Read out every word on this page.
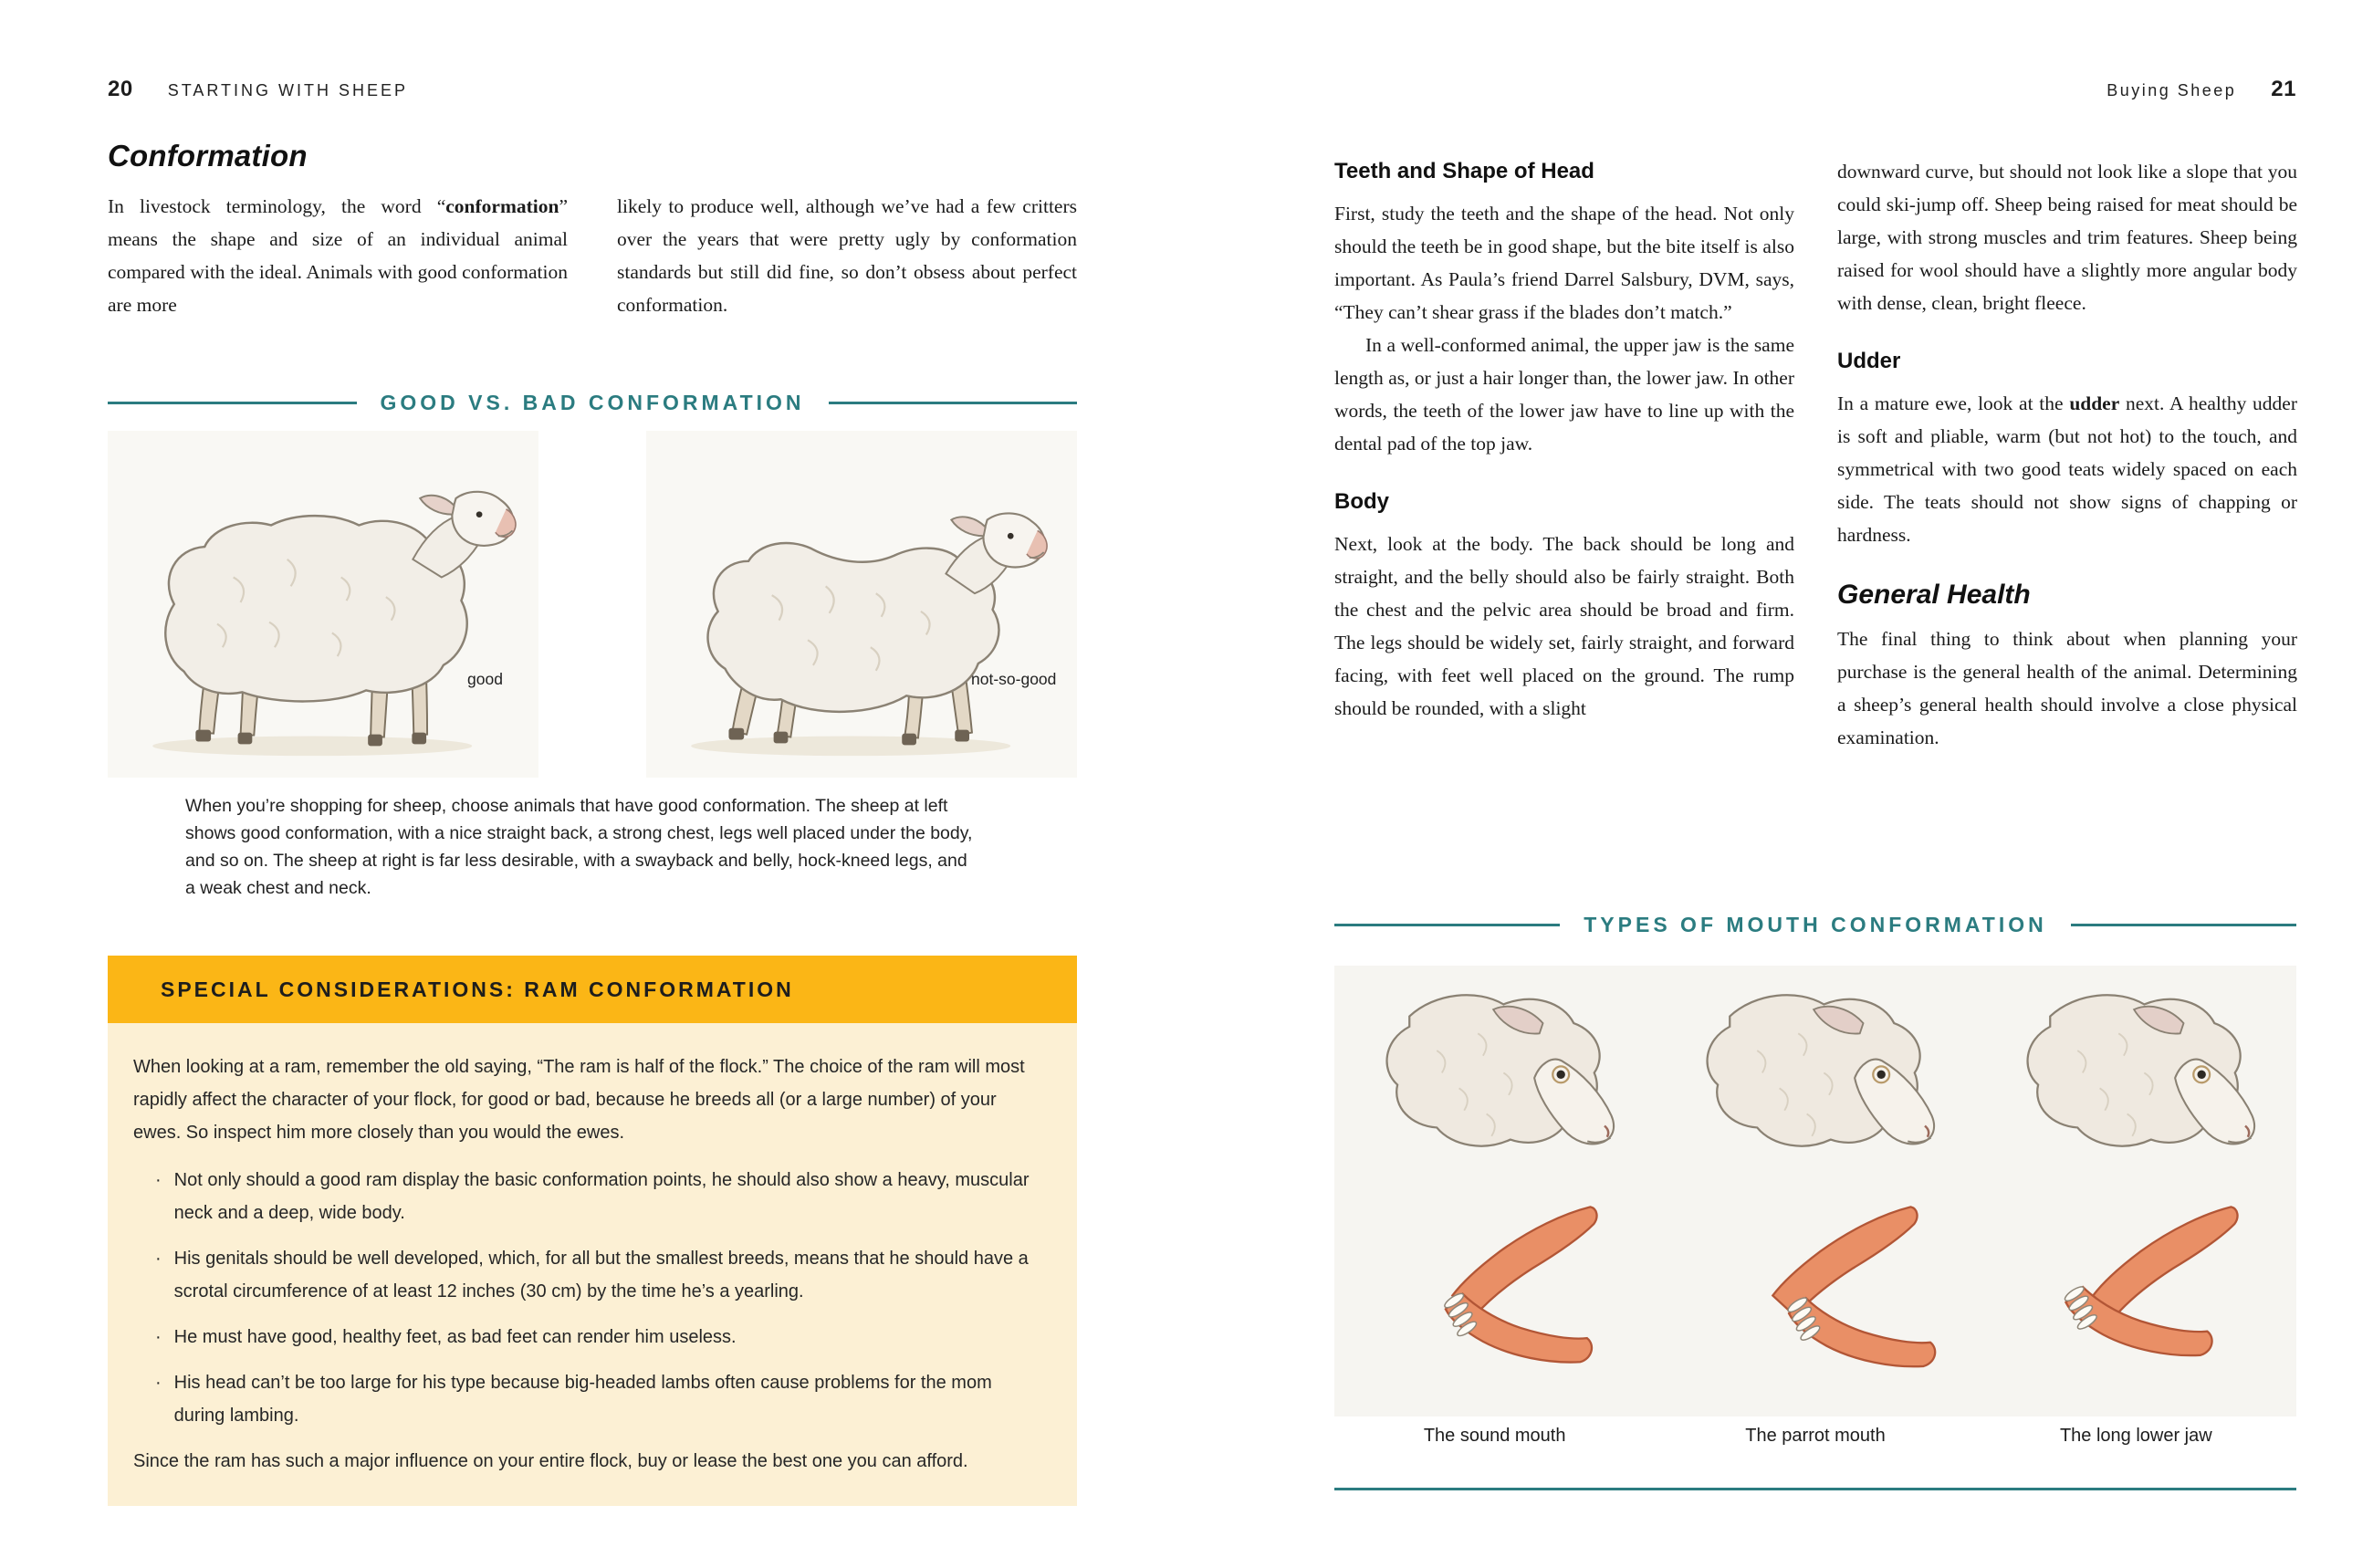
20 STARTING WITH SHEEP
Conformation

In livestock terminology, the word “conformation” means the shape and size of an individual animal compared with the ideal. Animals with good conformation are more

likely to produce well, although we’ve had a few critters over the years that were pretty ugly by conformation standards but still did fine, so don’t obsess about perfect conformation.

GOOD VS. BAD CONFORMATION
good	not-so-good
When you’re shopping for sheep, choose animals that have good conformation. The sheep at left shows good conformation, with a nice straight back, a strong chest, legs well placed under the body, and so on. The sheep at right is far less desirable, with a swayback and belly, hock-kneed legs, and a weak chest and neck.
SPECIAL CONSIDERATIONS: RAM CONFORMATION

When looking at a ram, remember the old saying, “The ram is half of the flock.” The choice of the ram will most rapidly affect the character of your flock, for good or bad, because he breeds all (or a large number) of your ewes. So inspect him more closely than you would the ewes.

· Not only should a good ram display the basic conformation points, he should also show a heavy, muscular neck and a deep, wide body.
· His genitals should be well developed, which, for all but the smallest breeds, means that he should have a scrotal circumference of at least 12 inches (30 cm) by the time he’s a yearling.
· He must have good, healthy feet, as bad feet can render him useless.
· His head can’t be too large for his type because big-headed lambs often cause problems for the mom during lambing.

Since the ram has such a major influence on your entire flock, buy or lease the best one you can afford.

Buying Sheep 21
Teeth and Shape of Head

First, study the teeth and the shape of the head. Not only should the teeth be in good shape, but the bite itself is also important. As Paula’s friend Darrel Salsbury, DVM, says, “They can’t shear grass if the blades don’t match.”

In a well-conformed animal, the upper jaw is the same length as, or just a hair longer than, the lower jaw. In other words, the teeth of the lower jaw have to line up with the dental pad of the top jaw.

Body

Next, look at the body. The back should be long and straight, and the belly should also be fairly straight. Both the chest and the pelvic area should be broad and firm. The legs should be widely set, fairly straight, and forward facing, with feet well placed on the ground. The rump should be rounded, with a slight

downward curve, but should not look like a slope that you could ski-jump off. Sheep being raised for meat should be large, with strong muscles and trim features. Sheep being raised for wool should have a slightly more angular body with dense, clean, bright fleece.

Udder

In a mature ewe, look at the udder next. A healthy udder is soft and pliable, warm (but not hot) to the touch, and symmetrical with two good teats widely spaced on each side. The teats should not show signs of chapping or hardness.

General Health

The final thing to think about when planning your purchase is the general health of the animal. Determining a sheep’s general health should involve a close physical examination.

TYPES OF MOUTH CONFORMATION
The sound mouth	The parrot mouth	The long lower jaw
